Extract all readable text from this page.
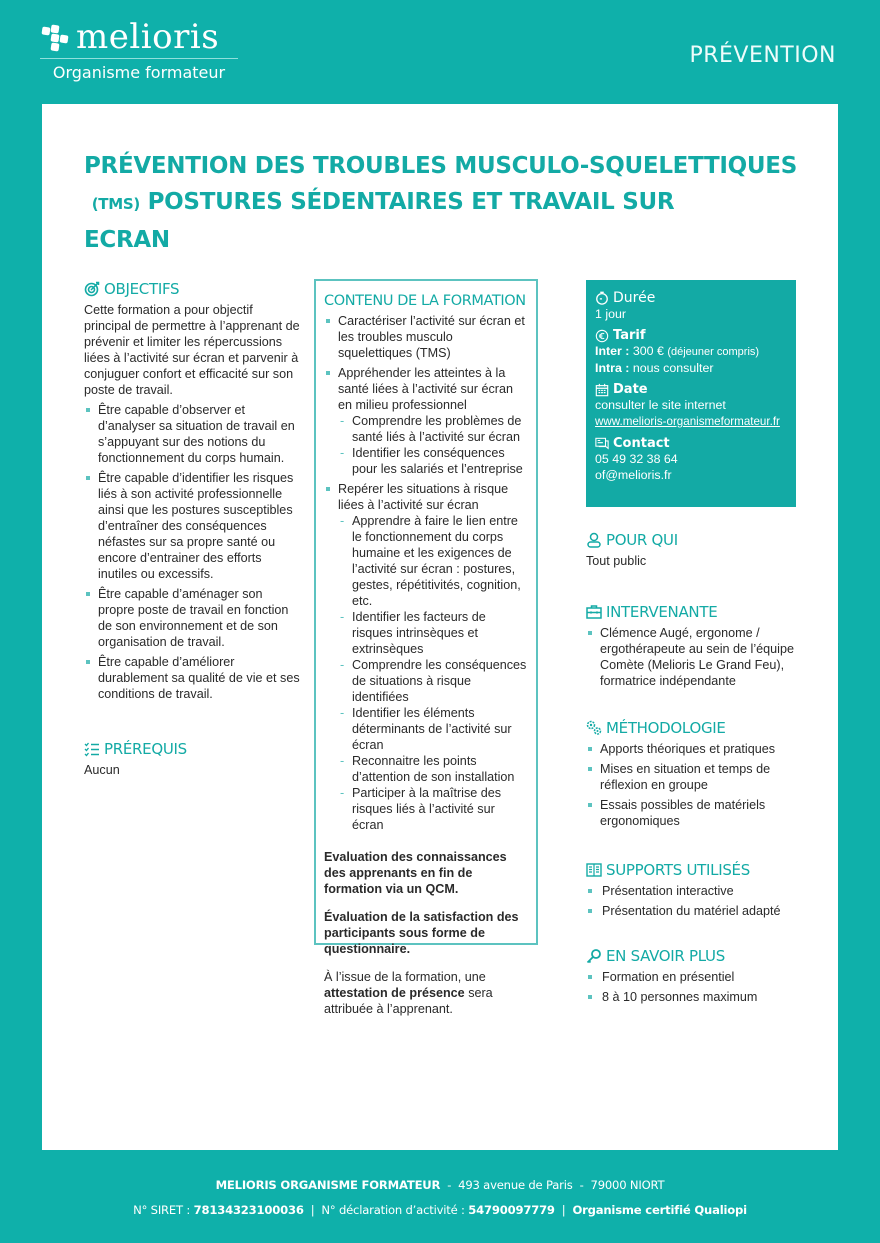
melioris
Organisme formateur
PRÉVENTION
PRÉVENTION DES TROUBLES MUSCULO-SQUELETTIQUES
(TMS) POSTURES SÉDENTAIRES ET TRAVAIL SUR
ECRAN
OBJECTIFS

Cette formation a pour objectif principal de permettre à l’apprenant de prévenir et limiter les répercussions liées à l’activité sur écran et parvenir à conjuguer confort et efficacité sur son poste de travail.

Être capable d’observer et d’analyser sa situation de travail en s’appuyant sur des notions du fonctionnement du corps humain.
Être capable d’identifier les risques liés à son activité professionnelle ainsi que les postures susceptibles d’entraîner des conséquences néfastes sur sa propre santé ou encore d’entrainer des efforts inutiles ou excessifs.
Être capable d’aménager son propre poste de travail en fonction de son environnement et de son organisation de travail.
Être capable d’améliorer durablement sa qualité de vie et ses conditions de travail.
PRÉREQUIS

Aucun

CONTENU DE LA FORMATION
Caractériser l’activité sur écran et les troubles musculo squelettiques (TMS)
Appréhender les atteintes à la santé liées à l’activité sur écran en milieu professionnel
- Comprendre les problèmes de santé liés à l’activité sur écran
- Identifier les conséquences pour les salariés et l’entreprise
Repérer les situations à risque liées à l’activité sur écran
- Apprendre à faire le lien entre le fonctionnement du corps humaine et les exigences de l’activité sur écran : postures, gestes, répétitivités, cognition, etc.
- Identifier les facteurs de risques intrinsèques et extrinsèques
- Comprendre les conséquences de situations à risque identifiées
- Identifier les éléments déterminants de l’activité sur écran
- Reconnaitre les points d’attention de son installation
- Participer à la maîtrise des risques liés à l’activité sur écran

Evaluation des connaissances des apprenants en fin de formation via un QCM.

Évaluation de la satisfaction des participants sous forme de questionnaire.

À l’issue de la formation, une attestation de présence sera attribuée à l’apprenant.

Durée
1 jour
Tarif
Inter : 300 € (déjeuner compris)
Intra : nous consulter
Date
consulter le site internet
www.melioris-organismeformateur.fr
Contact
05 49 32 38 64
of@melioris.fr
POUR QUI

Tout public

INTERVENANTE
Clémence Augé, ergonome / ergothérapeute au sein de l’équipe Comète (Melioris Le Grand Feu), formatrice indépendante
MÉTHODOLOGIE
Apports théoriques et pratiques
Mises en situation et temps de réflexion en groupe
Essais possibles de matériels ergonomiques
SUPPORTS UTILISÉS
Présentation interactive
Présentation du matériel adapté
EN SAVOIR PLUS
Formation en présentiel
8 à 10 personnes maximum
MELIORIS ORGANISME FORMATEUR  -  493 avenue de Paris  -  79000 NIORT
N° SIRET : 78134323100036  |  N° déclaration d’activité : 54790097779  |  Organisme certifié Qualiopi
